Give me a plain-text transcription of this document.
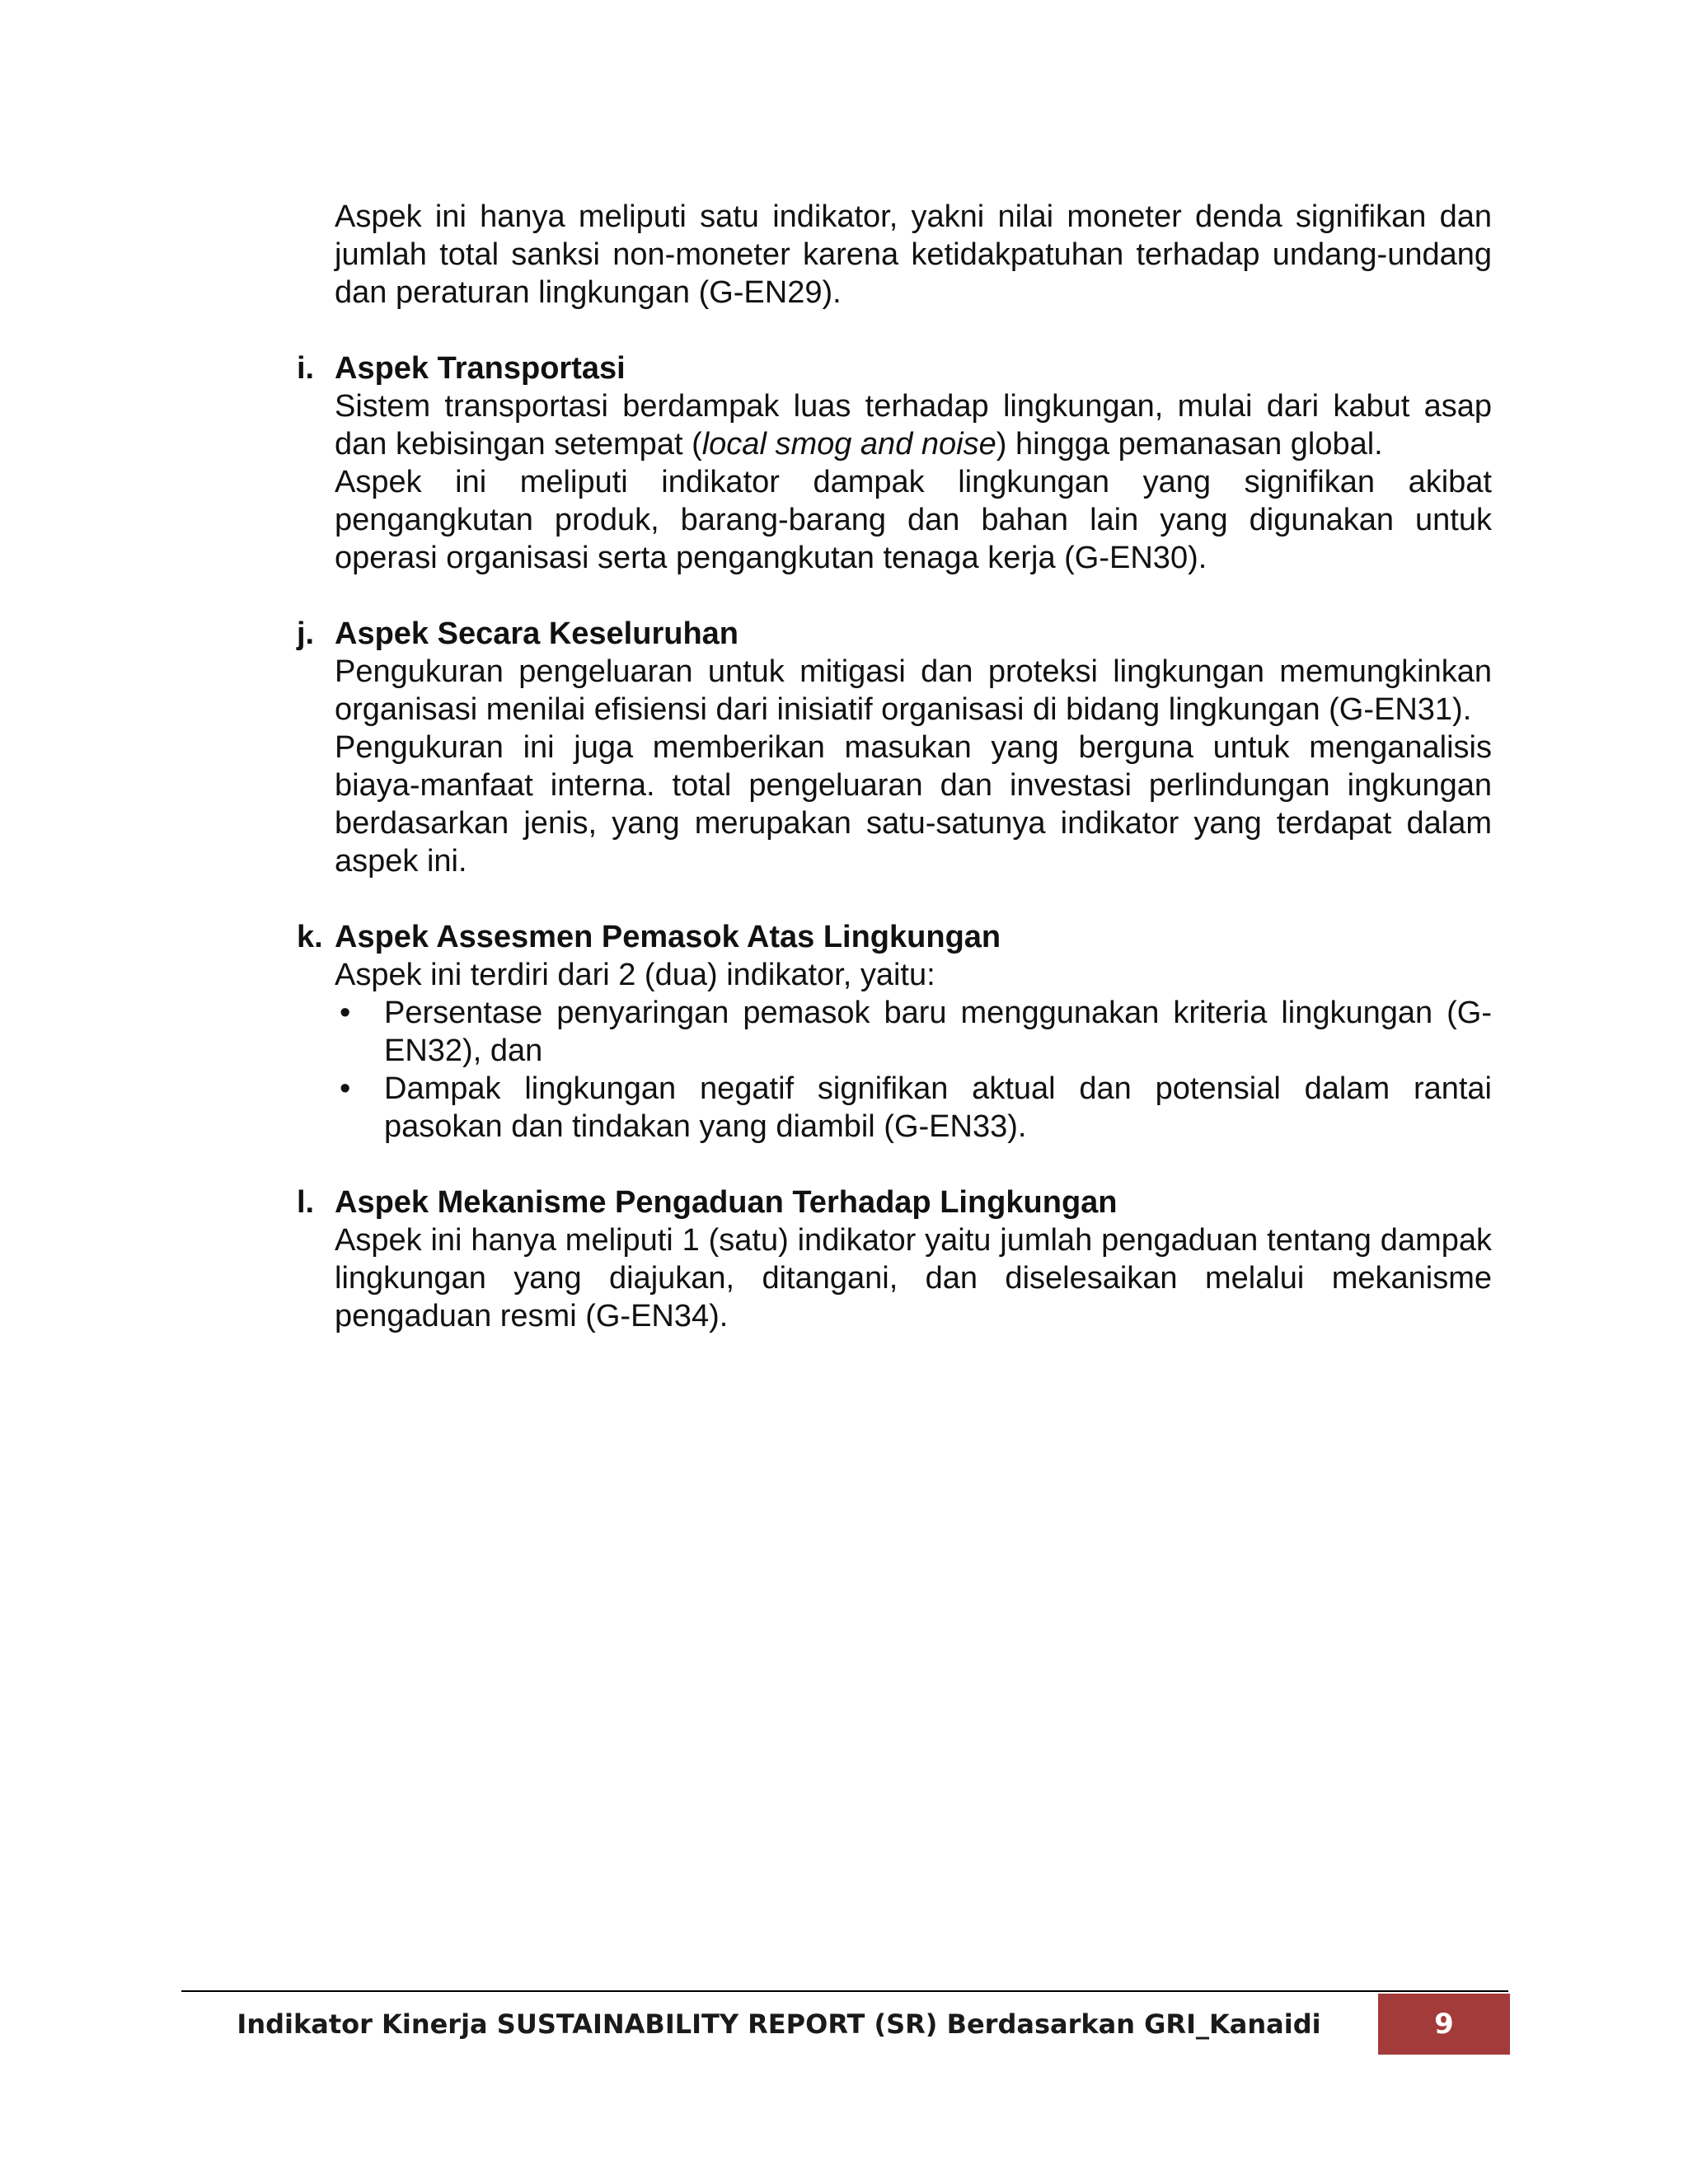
Aspek ini hanya meliputi satu indikator, yakni nilai moneter denda signifikan dan jumlah total sanksi non-moneter karena ketidakpatuhan terhadap undang-undang dan peraturan lingkungan (G-EN29).

i. Aspek Transportasi

Sistem transportasi berdampak luas terhadap lingkungan, mulai dari kabut asap dan kebisingan setempat (local smog and noise) hingga pemanasan global.

Aspek ini meliputi indikator dampak lingkungan yang signifikan akibat pengangkutan produk, barang-barang dan bahan lain yang digunakan untuk operasi organisasi serta pengangkutan tenaga kerja (G-EN30).

j. Aspek Secara Keseluruhan

Pengukuran pengeluaran untuk mitigasi dan proteksi lingkungan memungkinkan organisasi menilai efisiensi dari inisiatif organisasi di bidang lingkungan (G-EN31).

Pengukuran ini juga memberikan masukan yang berguna untuk menganalisis biaya-manfaat interna. total pengeluaran dan investasi perlindungan ingkungan berdasarkan jenis, yang merupakan satu-satunya indikator yang terdapat dalam aspek ini.

k. Aspek Assesmen Pemasok Atas Lingkungan

Aspek ini terdiri dari 2 (dua) indikator, yaitu:

• Persentase penyaringan pemasok baru menggunakan kriteria lingkungan (G-EN32), dan
• Dampak lingkungan negatif signifikan aktual dan potensial dalam rantai pasokan dan tindakan yang diambil (G-EN33).
l. Aspek Mekanisme Pengaduan Terhadap Lingkungan

Aspek ini hanya meliputi 1 (satu) indikator yaitu jumlah pengaduan tentang dampak lingkungan yang diajukan, ditangani, dan diselesaikan melalui mekanisme pengaduan resmi (G-EN34).

Indikator Kinerja SUSTAINABILITY REPORT (SR) Berdasarkan GRI_Kanaidi	9
